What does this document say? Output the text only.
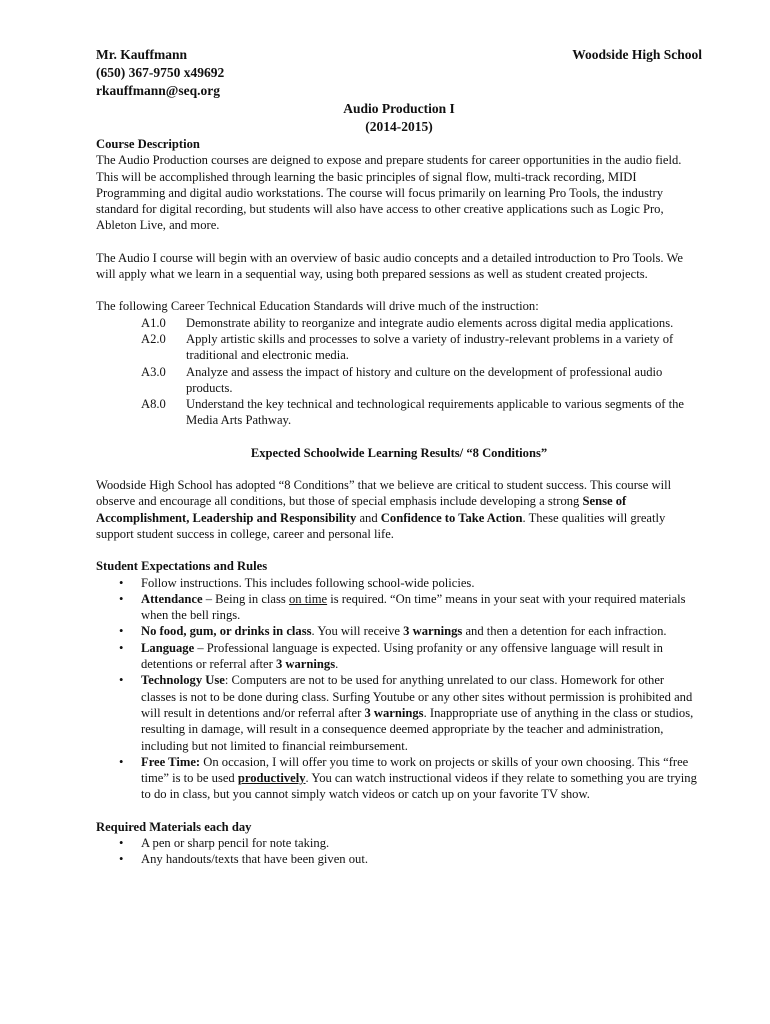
Mr. Kauffmann	Woodside High School
(650) 367-9750 x49692
rkauffmann@seq.org
Audio Production I
(2014-2015)
Course Description

The Audio Production courses are deigned to expose and prepare students for career opportunities in the audio field. This will be accomplished through learning the basic principles of signal flow, multi-track recording, MIDI Programming and digital audio workstations. The course will focus primarily on learning Pro Tools, the industry standard for digital recording, but students will also have access to other creative applications such as Logic Pro, Ableton Live, and more.

The Audio I course will begin with an overview of basic audio concepts and a detailed introduction to Pro Tools. We will apply what we learn in a sequential way, using both prepared sessions as well as student created projects.

The following Career Technical Education Standards will drive much of the instruction:

A1.0	Demonstrate ability to reorganize and integrate audio elements across digital media applications.
A2.0	Apply artistic skills and processes to solve a variety of industry-relevant problems in a variety of traditional and electronic media.
A3.0	Analyze and assess the impact of history and culture on the development of professional audio products.
A8.0	Understand the key technical and technological requirements applicable to various segments of the Media Arts Pathway.
Expected Schoolwide Learning Results/ “8 Conditions”

Woodside High School has adopted “8 Conditions” that we believe are critical to student success. This course will observe and encourage all conditions, but those of special emphasis include developing a strong Sense of Accomplishment, Leadership and Responsibility and Confidence to Take Action. These qualities will greatly support student success in college, career and personal life.

Student Expectations and Rules
• Follow instructions. This includes following school-wide policies.
• Attendance – Being in class on time is required. “On time” means in your seat with your required materials when the bell rings.
• No food, gum, or drinks in class. You will receive 3 warnings and then a detention for each infraction.
• Language – Professional language is expected. Using profanity or any offensive language will result in detentions or referral after 3 warnings.
• Technology Use: Computers are not to be used for anything unrelated to our class. Homework for other classes is not to be done during class. Surfing Youtube or any other sites without permission is prohibited and will result in detentions and/or referral after 3 warnings. Inappropriate use of anything in the class or studios, resulting in damage, will result in a consequence deemed appropriate by the teacher and administration, including but not limited to financial reimbursement.
• Free Time: On occasion, I will offer you time to work on projects or skills of your own choosing. This “free time” is to be used productively. You can watch instructional videos if they relate to something you are trying to do in class, but you cannot simply watch videos or catch up on your favorite TV show.
Required Materials each day
• A pen or sharp pencil for note taking.
• Any handouts/texts that have been given out.
